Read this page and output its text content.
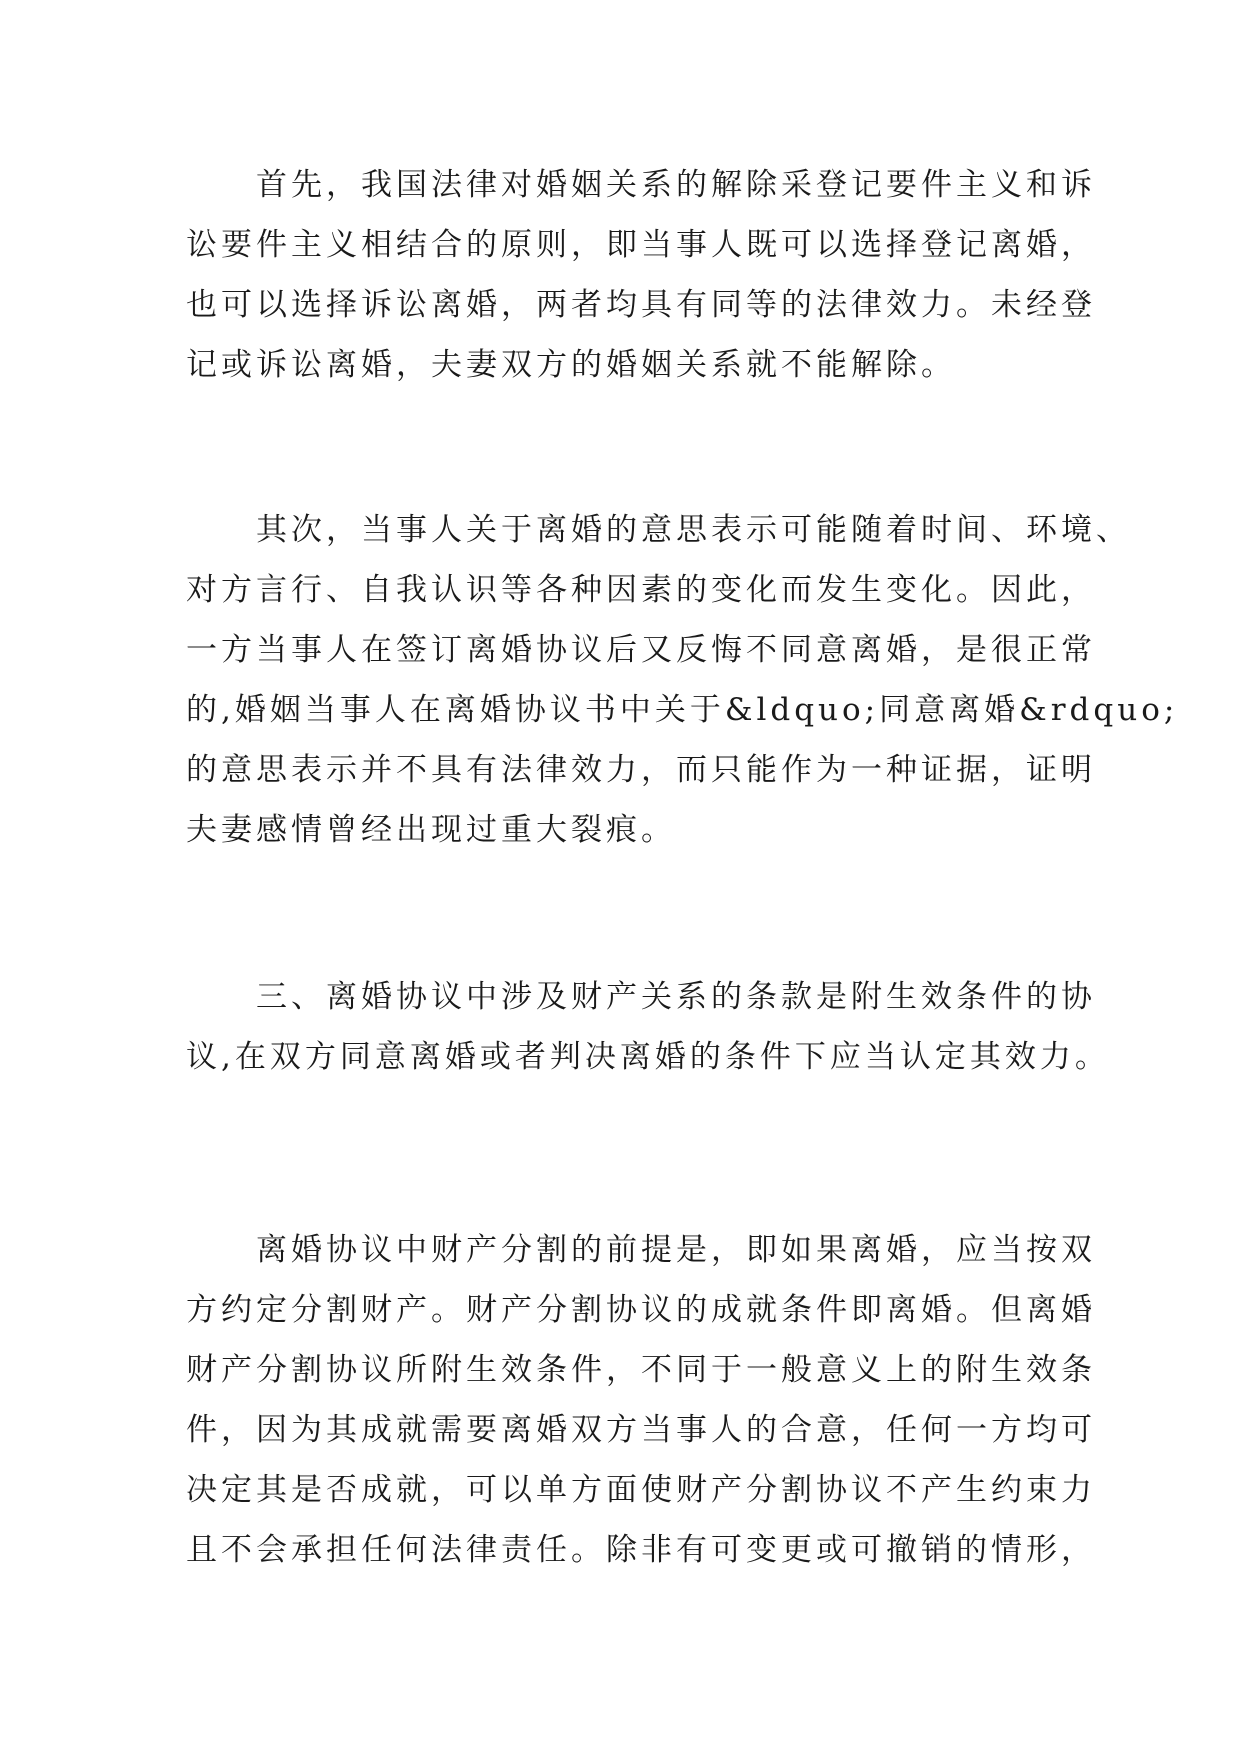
首先，我国法律对婚姻关系的解除采登记要件主义和诉
讼要件主义相结合的原则，即当事人既可以选择登记离婚，
也可以选择诉讼离婚，两者均具有同等的法律效力。未经登
记或诉讼离婚，夫妻双方的婚姻关系就不能解除。
其次，当事人关于离婚的意思表示可能随着时间、环境、
对方言行、自我认识等各种因素的变化而发生变化。因此，
一方当事人在签订离婚协议后又反悔不同意离婚，是很正常
的,婚姻当事人在离婚协议书中关于&ldquo;同意离婚&rdquo;
的意思表示并不具有法律效力，而只能作为一种证据，证明
夫妻感情曾经出现过重大裂痕。
三、离婚协议中涉及财产关系的条款是附生效条件的协
议,在双方同意离婚或者判决离婚的条件下应当认定其效力。
离婚协议中财产分割的前提是，即如果离婚，应当按双
方约定分割财产。财产分割协议的成就条件即离婚。但离婚
财产分割协议所附生效条件，不同于一般意义上的附生效条
件，因为其成就需要离婚双方当事人的合意，任何一方均可
决定其是否成就，可以单方面使财产分割协议不产生约束力
且不会承担任何法律责任。除非有可变更或可撤销的情形，
